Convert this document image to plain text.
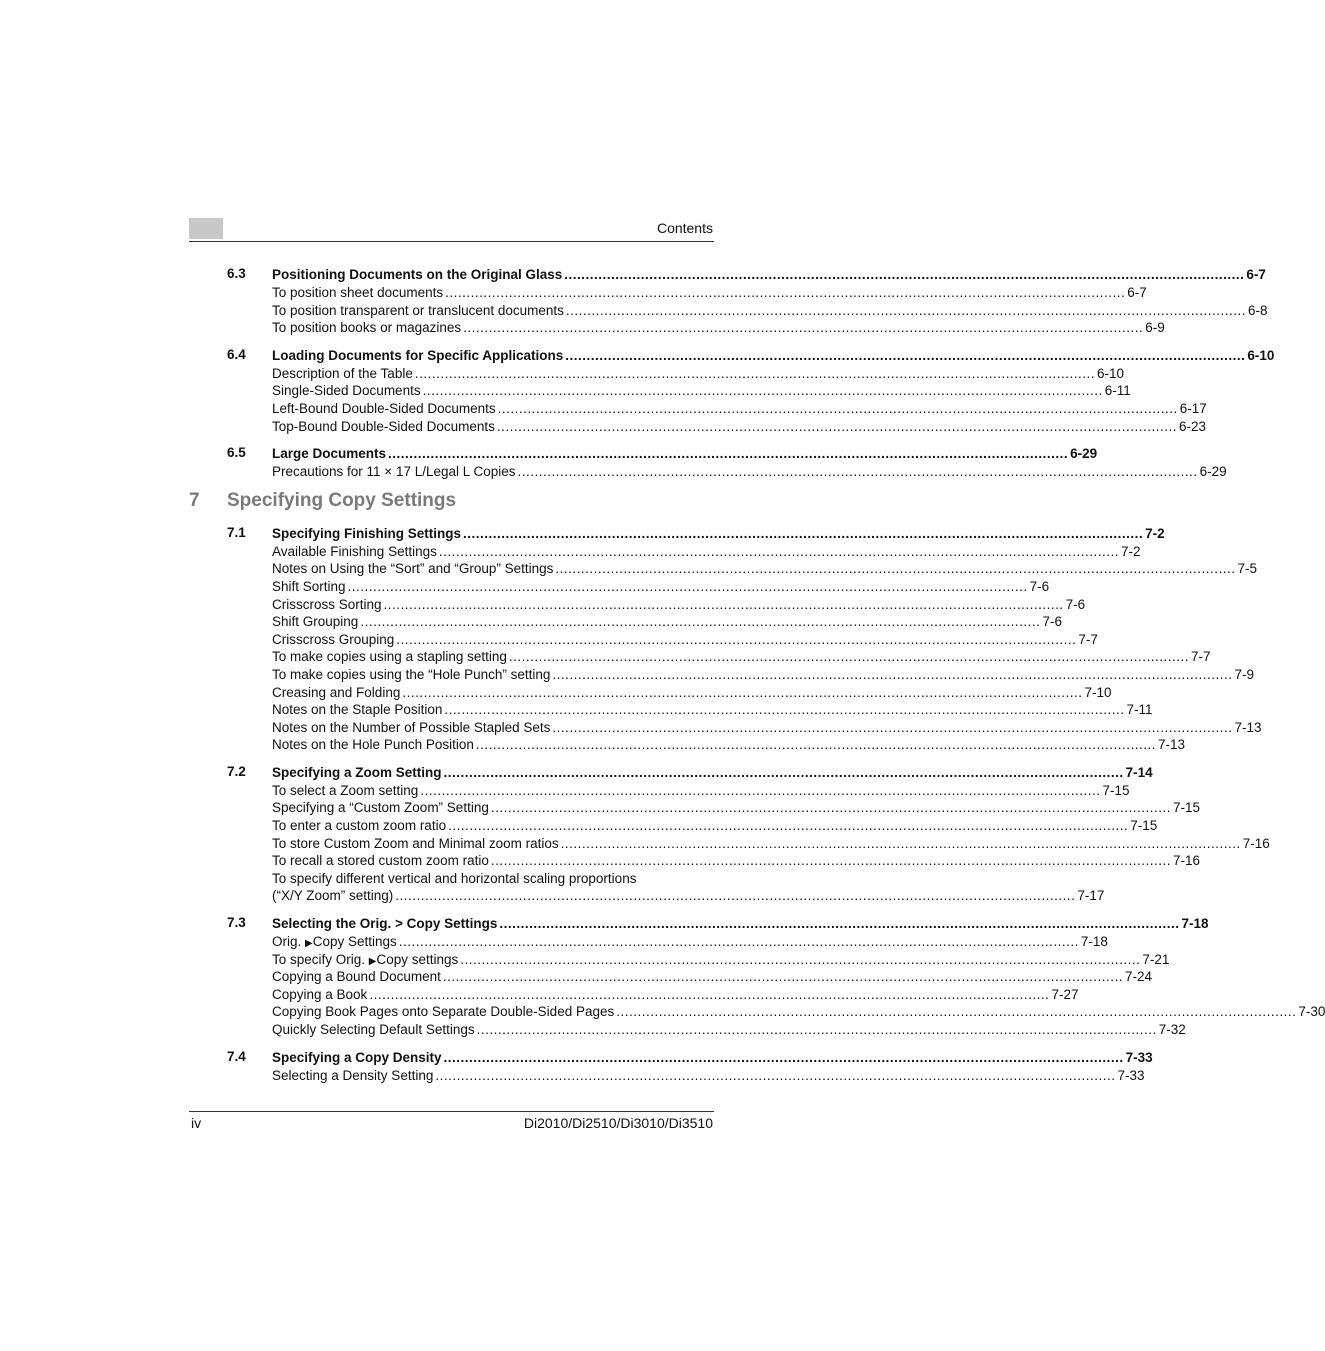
Contents
6.3 Positioning Documents on the Original Glass .....	6-7
To position sheet documents .....	6-7
To position transparent or translucent documents .....	6-8
To position books or magazines .....	6-9
6.4 Loading Documents for Specific Applications .....	6-10
Description of the Table .....	6-10
Single-Sided Documents .....	6-11
Left-Bound Double-Sided Documents .....	6-17
Top-Bound Double-Sided Documents .....	6-23
6.5 Large Documents .....	6-29
Precautions for 11 × 17 L/Legal L Copies .....	6-29
7 Specifying Copy Settings
7.1 Specifying Finishing Settings .....	7-2
Available Finishing Settings .....	7-2
Notes on Using the “Sort” and “Group” Settings .....	7-5
Shift Sorting .....	7-6
Crisscross Sorting .....	7-6
Shift Grouping .....	7-6
Crisscross Grouping .....	7-7
To make copies using a stapling setting .....	7-7
To make copies using the “Hole Punch” setting .....	7-9
Creasing and Folding .....	7-10
Notes on the Staple Position .....	7-11
Notes on the Number of Possible Stapled Sets .....	7-13
Notes on the Hole Punch Position .....	7-13
7.2 Specifying a Zoom Setting .....	7-14
To select a Zoom setting .....	7-15
Specifying a “Custom Zoom” Setting .....	7-15
To enter a custom zoom ratio .....	7-15
To store Custom Zoom and Minimal zoom ratios .....	7-16
To recall a stored custom zoom ratio .....	7-16
To specify different vertical and horizontal scaling proportions
(“X/Y Zoom” setting) .....	7-17
7.3 Selecting the Orig. > Copy Settings .....	7-18
Orig. ▶Copy Settings .....	7-18
To specify Orig. ▶Copy settings .....	7-21
Copying a Bound Document .....	7-24
Copying a Book .....	7-27
Copying Book Pages onto Separate Double-Sided Pages .....	7-30
Quickly Selecting Default Settings .....	7-32
7.4 Specifying a Copy Density .....	7-33
Selecting a Density Setting .....	7-33
iv	Di2010/Di2510/Di3010/Di3510
